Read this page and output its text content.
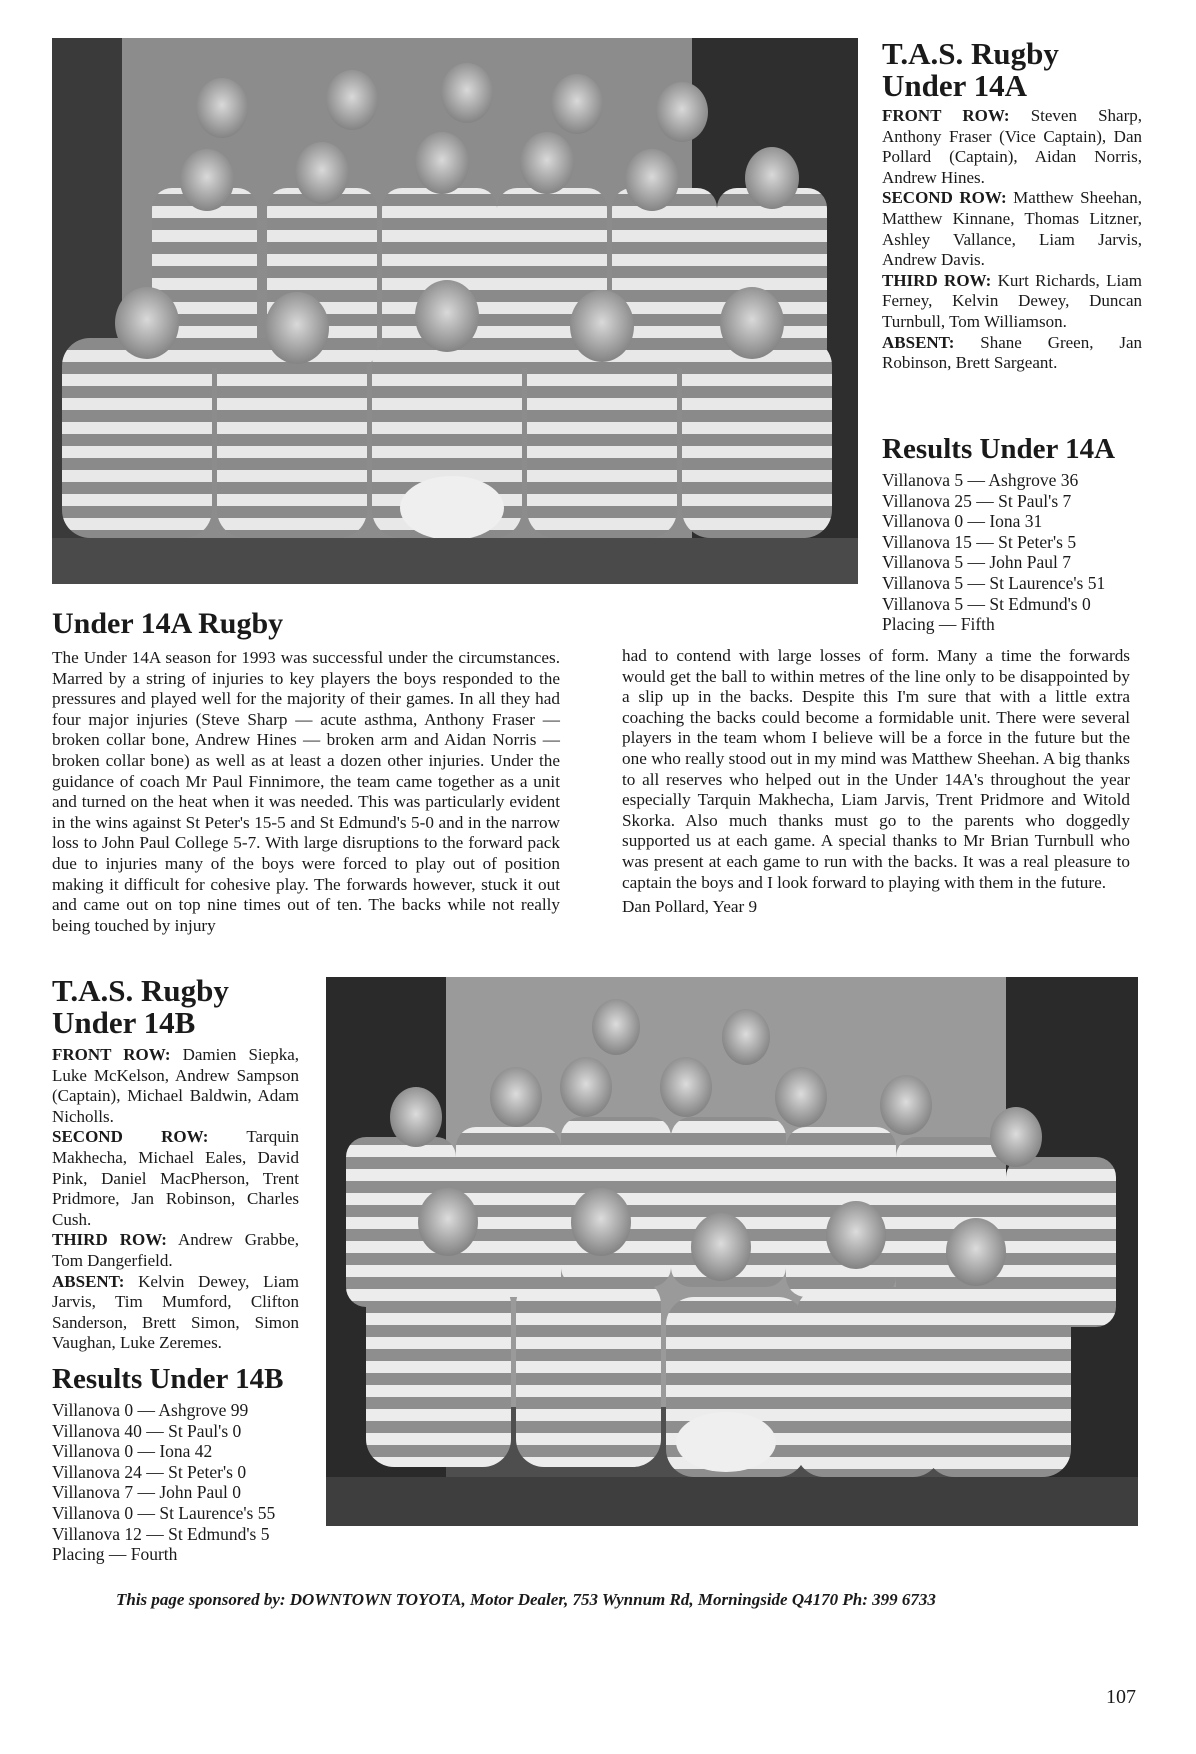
T.A.S. Rugby Under 14A

FRONT ROW: Steven Sharp, Anthony Fraser (Vice Captain), Dan Pollard (Captain), Aidan Norris, Andrew Hines.

SECOND ROW: Matthew Sheehan, Matthew Kinnane, Thomas Litzner, Ashley Vallance, Liam Jarvis, Andrew Davis.

THIRD ROW: Kurt Richards, Liam Ferney, Kelvin Dewey, Duncan Turnbull, Tom Williamson.

ABSENT: Shane Green, Jan Robinson, Brett Sargeant.

Results Under 14A
Villanova 5 — Ashgrove 36
Villanova 25 — St Paul's 7
Villanova 0 — Iona 31
Villanova 15 — St Peter's 5
Villanova 5 — John Paul 7
Villanova 5 — St Laurence's 51
Villanova 5 — St Edmund's 0
Placing — Fifth
Under 14A Rugby

The Under 14A season for 1993 was successful under the circumstances. Marred by a string of injuries to key players the boys responded to the pressures and played well for the majority of their games. In all they had four major injuries (Steve Sharp — acute asthma, Anthony Fraser — broken collar bone, Andrew Hines — broken arm and Aidan Norris — broken collar bone) as well as at least a dozen other injuries. Under the guidance of coach Mr Paul Finnimore, the team came together as a unit and turned on the heat when it was needed. This was particularly evident in the wins against St Peter's 15-5 and St Edmund's 5-0 and in the narrow loss to John Paul College 5-7. With large disruptions to the forward pack due to injuries many of the boys were forced to play out of position making it difficult for cohesive play. The forwards however, stuck it out and came out on top nine times out of ten. The backs while not really being touched by injury

had to contend with large losses of form. Many a time the forwards would get the ball to within metres of the line only to be disappointed by a slip up in the backs. Despite this I'm sure that with a little extra coaching the backs could become a formidable unit. There were several players in the team whom I believe will be a force in the future but the one who really stood out in my mind was Matthew Sheehan. A big thanks to all reserves who helped out in the Under 14A's throughout the year especially Tarquin Makhecha, Liam Jarvis, Trent Pridmore and Witold Skorka. Also much thanks must go to the parents who doggedly supported us at each game. A special thanks to Mr Brian Turnbull who was present at each game to run with the backs. It was a real pleasure to captain the boys and I look forward to playing with them in the future.

Dan Pollard, Year 9

T.A.S. Rugby Under 14B

FRONT ROW: Damien Siepka, Luke McKelson, Andrew Sampson (Captain), Michael Baldwin, Adam Nicholls.

SECOND ROW: Tarquin Makhecha, Michael Eales, David Pink, Daniel MacPherson, Trent Pridmore, Jan Robinson, Charles Cush.

THIRD ROW: Andrew Grabbe, Tom Dangerfield.

ABSENT: Kelvin Dewey, Liam Jarvis, Tim Mumford, Clifton Sanderson, Brett Simon, Simon Vaughan, Luke Zeremes.

Results Under 14B
Villanova 0 — Ashgrove 99
Villanova 40 — St Paul's 0
Villanova 0 — Iona 42
Villanova 24 — St Peter's 0
Villanova 7 — John Paul 0
Villanova 0 — St Laurence's 55
Villanova 12 — St Edmund's 5
Placing — Fourth
This page sponsored by: DOWNTOWN TOYOTA, Motor Dealer, 753 Wynnum Rd, Morningside Q4170 Ph: 399 6733
107
